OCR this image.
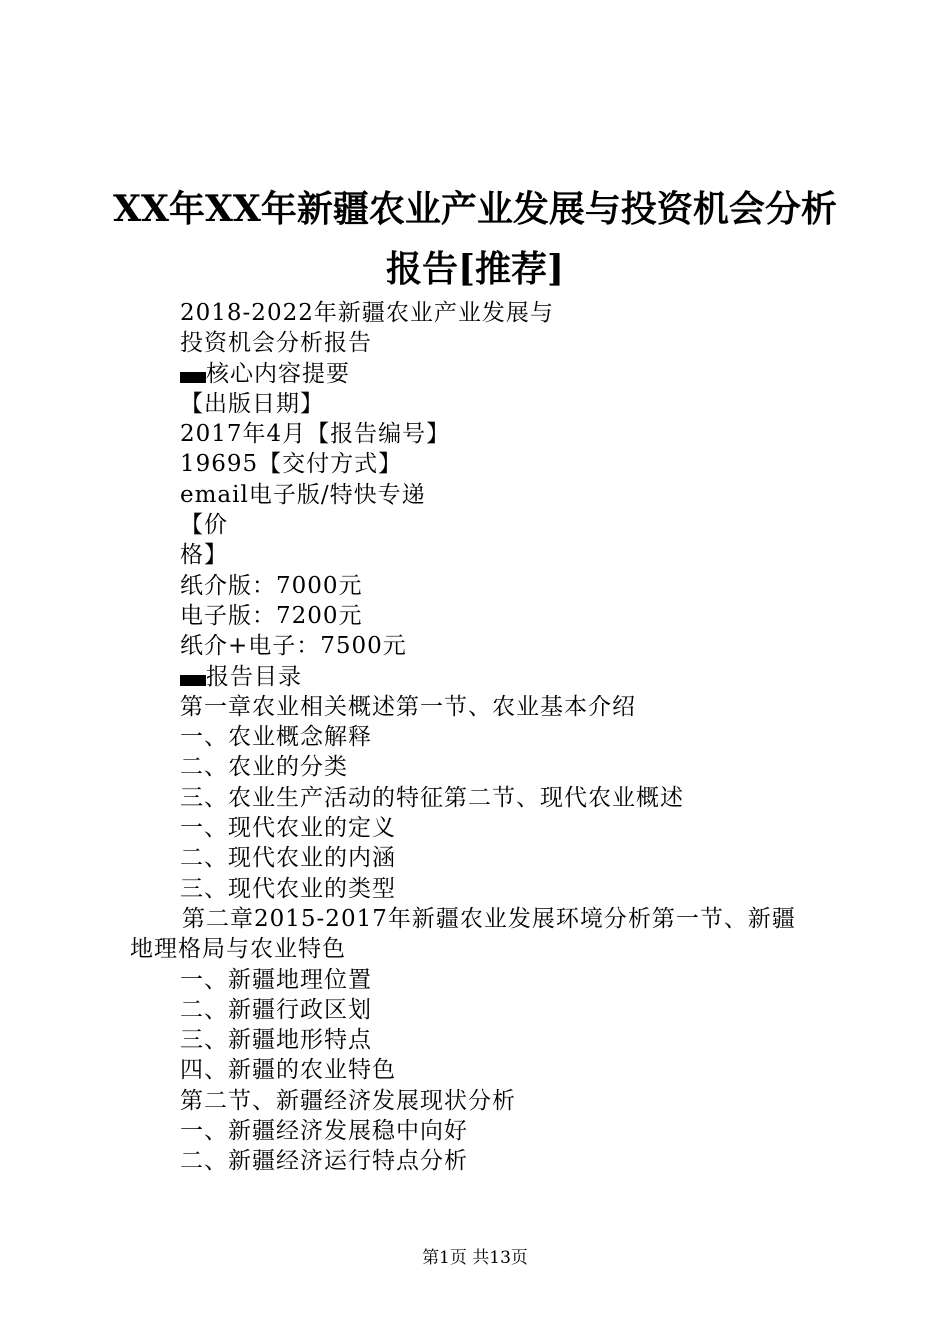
XX年XX年新疆农业产业发展与投资机会分析
报告[推荐]
2018-2022年新疆农业产业发展与
投资机会分析报告
核心内容提要
【出版日期】
2017年4月【报告编号】
19695【交付方式】
email电子版/特快专递
【价
格】
纸介版：7000元
电子版：7200元
纸介+电子：7500元
报告目录
第一章农业相关概述第一节、农业基本介绍
一、农业概念解释
二、农业的分类
三、农业生产活动的特征第二节、现代农业概述
一、现代农业的定义
二、现代农业的内涵
三、现代农业的类型
第二章2015-2017年新疆农业发展环境分析第一节、新疆
地理格局与农业特色
一、新疆地理位置
二、新疆行政区划
三、新疆地形特点
四、新疆的农业特色
第二节、新疆经济发展现状分析
一、新疆经济发展稳中向好
二、新疆经济运行特点分析
第1页 共13页
